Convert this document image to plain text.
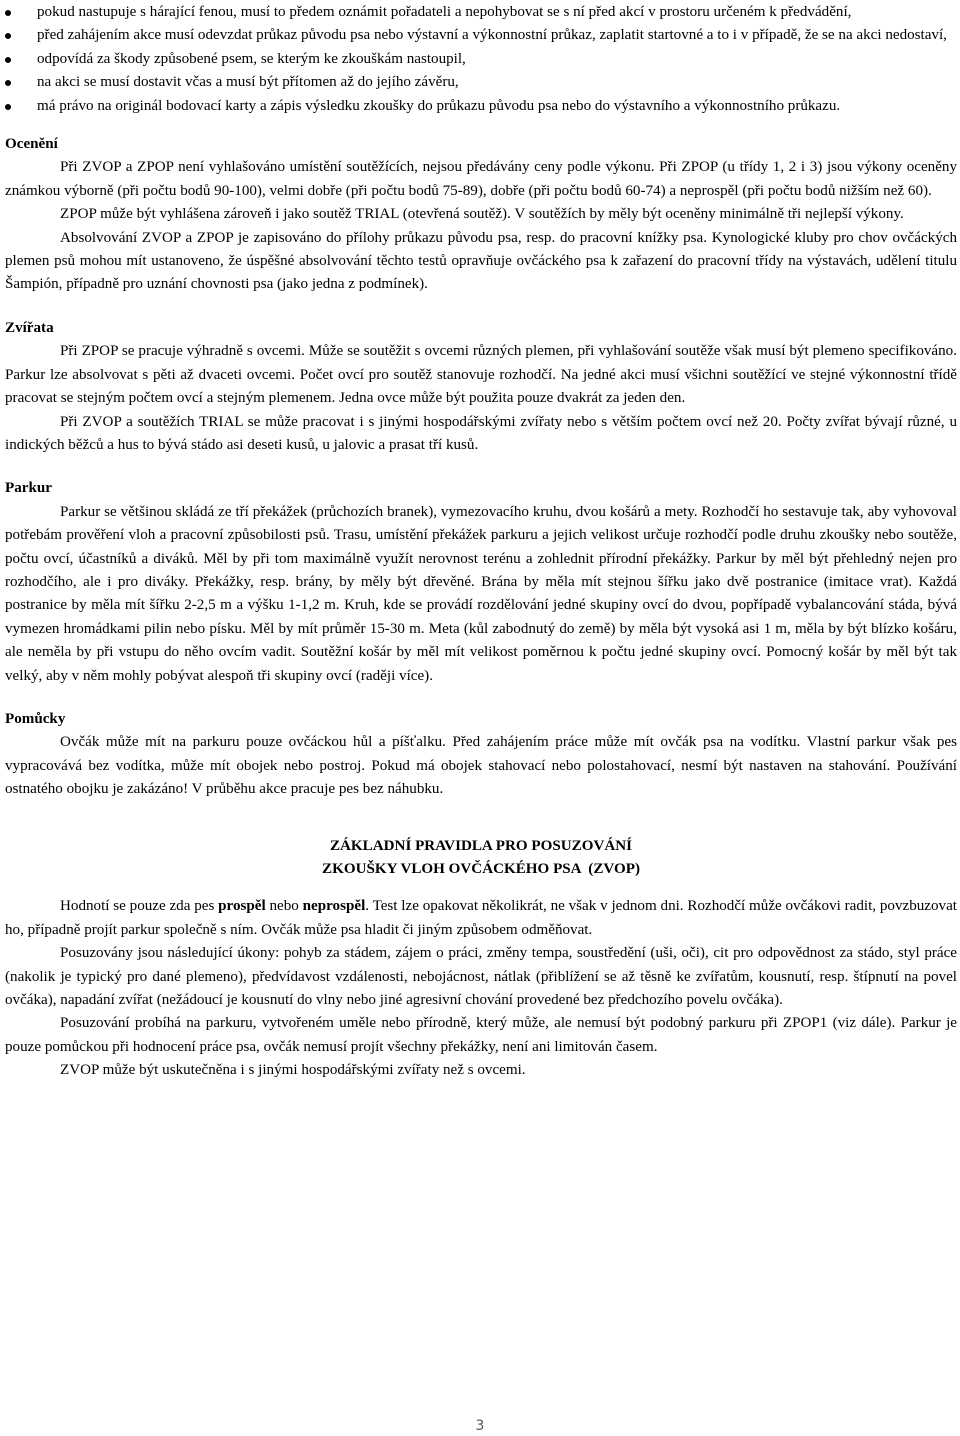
pokud nastupuje s hárající fenou, musí to předem oznámit pořadateli a nepohybovat se s ní před akcí v prostoru určeném k předvádění,
před zahájením akce musí odevzdat průkaz původu psa nebo výstavní a výkonnostní průkaz, zaplatit startovné a to i v případě, že se na akci nedostaví,
odpovídá za škody způsobené psem, se kterým ke zkouškám nastoupil,
na akci se musí dostavit včas a musí být přítomen až do jejího závěru,
má právo na originál bodovací karty a zápis výsledku zkoušky do průkazu původu psa nebo do výstavního a výkonnostního průkazu.

Ocenění

Při ZVOP a ZPOP není vyhlašováno umístění soutěžících, nejsou předávány ceny podle výkonu. Při ZPOP (u třídy 1, 2 i 3) jsou výkony oceněny známkou výborně (při počtu bodů 90-100), velmi dobře (při počtu bodů 75-89), dobře (při počtu bodů 60-74) a neprospěl (při počtu bodů nižším než 60).

ZPOP může být vyhlášena zároveň i jako soutěž TRIAL (otevřená soutěž). V soutěžích by měly být oceněny minimálně tři nejlepší výkony.

Absolvování ZVOP a ZPOP je zapisováno do přílohy průkazu původu psa, resp. do pracovní knížky psa. Kynologické kluby pro chov ovčáckých plemen psů mohou mít ustanoveno, že úspěšné absolvování těchto testů opravňuje ovčáckého psa k zařazení do pracovní třídy na výstavách, udělení titulu Šampión, případně pro uznání chovnosti psa (jako jedna z podmínek).

Zvířata

Při ZPOP se pracuje výhradně s ovcemi. Může se soutěžit s ovcemi různých plemen, při vyhlašování soutěže však musí být plemeno specifikováno. Parkur lze absolvovat s pěti až dvaceti ovcemi. Počet ovcí pro soutěž stanovuje rozhodčí. Na jedné akci musí všichni soutěžící ve stejné výkonnostní třídě pracovat se stejným počtem ovcí a stejným plemenem. Jedna ovce může být použita pouze dvakrát za jeden den.

Při ZVOP a soutěžích TRIAL se může pracovat i s jinými hospodářskými zvířaty nebo s větším počtem ovcí než 20. Počty zvířat bývají různé, u indických běžců a hus to bývá stádo asi deseti kusů, u jalovic a prasat tří kusů.

Parkur

Parkur se většinou skládá ze tří překážek (průchozích branek), vymezovacího kruhu, dvou košárů a mety. Rozhodčí ho sestavuje tak, aby vyhovoval potřebám prověření vloh a pracovní způsobilosti psů. Trasu, umístění překážek parkuru a jejich velikost určuje rozhodčí podle druhu zkoušky nebo soutěže, počtu ovcí, účastníků a diváků. Měl by při tom maximálně využít nerovnost terénu a zohlednit přírodní překážky. Parkur by měl být přehledný nejen pro rozhodčího, ale i pro diváky. Překážky, resp. brány, by měly být dřevěné. Brána by měla mít stejnou šířku jako dvě postranice (imitace vrat). Každá postranice by měla mít šířku 2-2,5 m a výšku 1-1,2 m. Kruh, kde se provádí rozdělování jedné skupiny ovcí do dvou, popřípadě vybalancování stáda, bývá vymezen hromádkami pilin nebo písku. Měl by mít průměr 15-30 m. Meta (kůl zabodnutý do země) by měla být vysoká asi 1 m, měla by být blízko košáru, ale neměla by při vstupu do něho ovcím vadit. Soutěžní košár by měl mít velikost poměrnou k počtu jedné skupiny ovcí. Pomocný košár by měl být tak velký, aby v něm mohly pobývat alespoň tři skupiny ovcí (raději více).

Pomůcky

Ovčák může mít na parkuru pouze ovčáckou hůl a píšťalku. Před zahájením práce může mít ovčák psa na vodítku. Vlastní parkur však pes vypracovává bez vodítka, může mít obojek nebo postroj. Pokud má obojek stahovací nebo polostahovací, nesmí být nastaven na stahování. Používání ostnatého obojku je zakázáno! V průběhu akce pracuje pes bez náhubku.

ZÁKLADNÍ PRAVIDLA PRO POSUZOVÁNÍ
ZKOUŠKY VLOH OVČÁCKÉHO PSA  (ZVOP)

Hodnotí se pouze zda pes prospěl nebo neprospěl. Test lze opakovat několikrát, ne však v jednom dni. Rozhodčí může ovčákovi radit, povzbuzovat ho, případně projít parkur společně s ním. Ovčák může psa hladit či jiným způsobem odměňovat.

Posuzovány jsou následující úkony: pohyb za stádem, zájem o práci, změny tempa, soustředění (uši, oči), cit pro odpovědnost za stádo, styl práce (nakolik je typický pro dané plemeno), předvídavost vzdálenosti, nebojácnost, nátlak (přiblížení se až těsně ke zvířatům, kousnutí, resp. štípnutí na povel ovčáka), napadání zvířat (nežádoucí je kousnutí do vlny nebo jiné agresivní chování provedené bez předchozího povelu ovčáka).

Posuzování probíhá na parkuru, vytvořeném uměle nebo přírodně, který může, ale nemusí být podobný parkuru při ZPOP1 (viz dále). Parkur je pouze pomůckou při hodnocení práce psa, ovčák nemusí projít všechny překážky, není ani limitován časem.

ZVOP může být uskutečněna i s jinými hospodářskými zvířaty než s ovcemi.

3
